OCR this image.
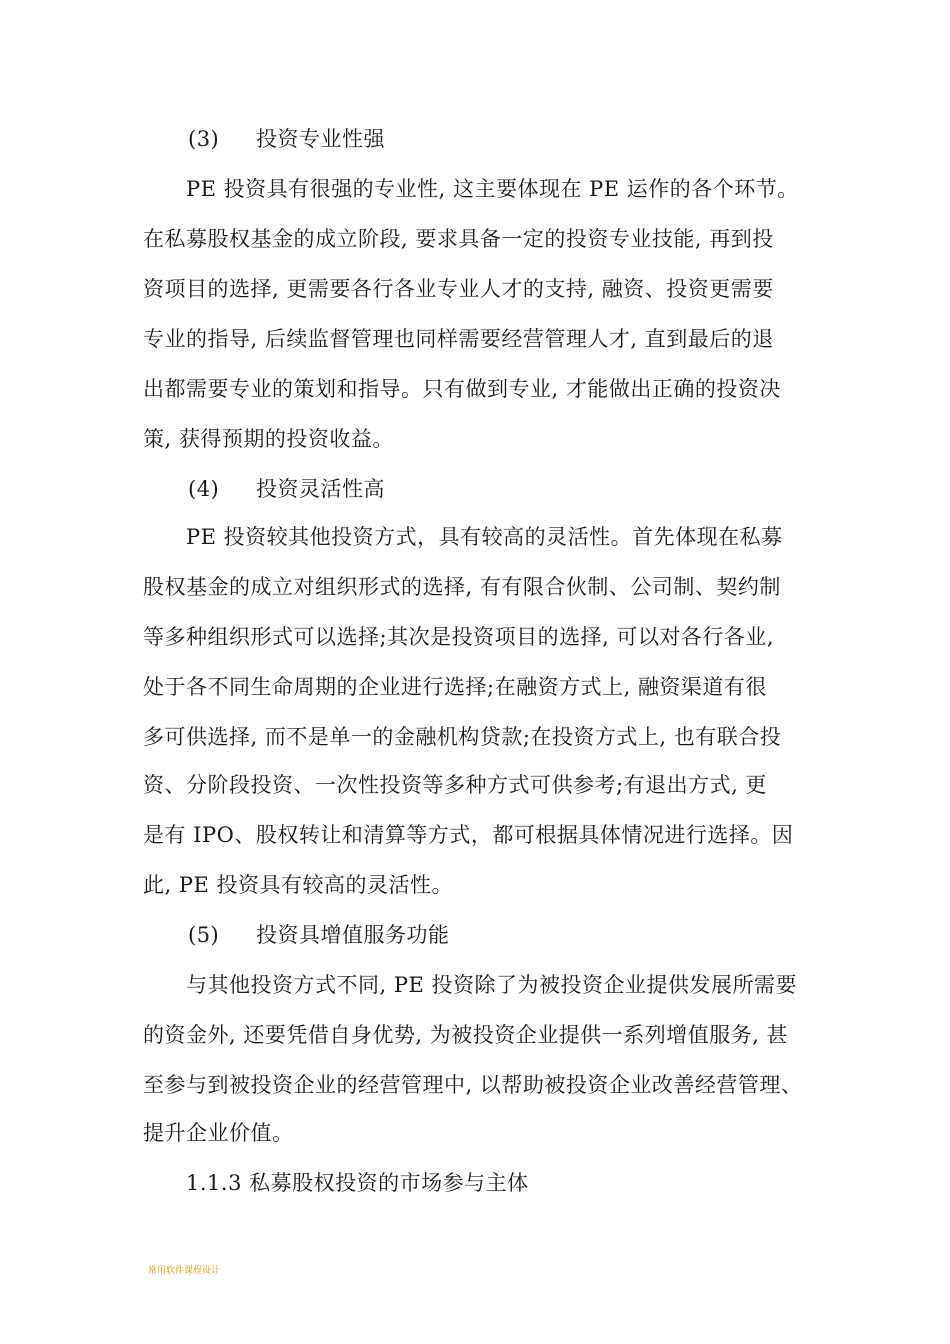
(3) 投资专业性强
PE 投资具有很强的专业性, 这主要体现在 PE 运作的各个环节。
在私募股权基金的成立阶段, 要求具备一定的投资专业技能, 再到投
资项目的选择, 更需要各行各业专业人才的支持, 融资、投资更需要
专业的指导, 后续监督管理也同样需要经营管理人才, 直到最后的退
出都需要专业的策划和指导。只有做到专业, 才能做出正确的投资决
策, 获得预期的投资收益。
(4) 投资灵活性高
PE 投资较其他投资方式，具有较高的灵活性。首先体现在私募
股权基金的成立对组织形式的选择, 有有限合伙制、公司制、契约制
等多种组织形式可以选择;其次是投资项目的选择, 可以对各行各业,
处于各不同生命周期的企业进行选择;在融资方式上, 融资渠道有很
多可供选择, 而不是单一的金融机构贷款;在投资方式上, 也有联合投
资、分阶段投资、一次性投资等多种方式可供参考;有退出方式, 更
是有 IPO、股权转让和清算等方式，都可根据具体情况进行选择。因
此, PE 投资具有较高的灵活性。
(5) 投资具增值服务功能
与其他投资方式不同, PE 投资除了为被投资企业提供发展所需要
的资金外, 还要凭借自身优势, 为被投资企业提供一系列增值服务, 甚
至参与到被投资企业的经营管理中, 以帮助被投资企业改善经营管理、
提升企业价值。
1.1.3 私募股权投资的市场参与主体
常用软件课程设计
